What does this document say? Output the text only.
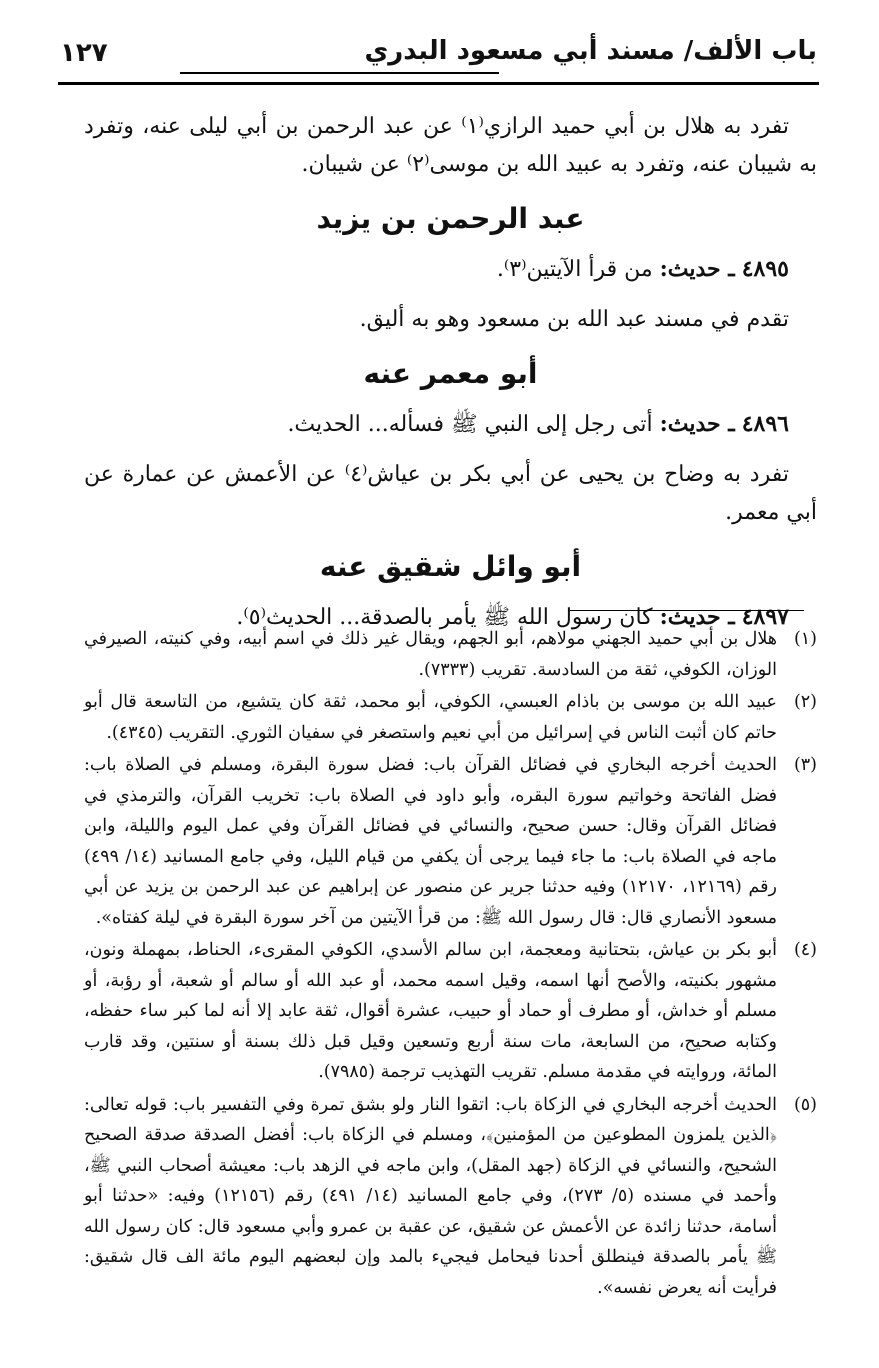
باب الألف/ مسند أبي مسعود البدري
١٢٧

تفرد به هلال بن أبي حميد الرازي⁽١⁾ عن عبد الرحمن بن أبي ليلى عنه، وتفرد به شيبان عنه، وتفرد به عبيد الله بن موسى⁽٢⁾ عن شيبان.

عبد الرحمن بن يزيد

٤٨٩٥ ـ حديث: من قرأ الآيتين⁽٣⁾.

تقدم في مسند عبد الله بن مسعود وهو به أليق.

أبو معمر عنه

٤٨٩٦ ـ حديث: أتى رجل إلى النبي ﷺ فسأله... الحديث.

تفرد به وضاح بن يحيى عن أبي بكر بن عياش⁽٤⁾ عن الأعمش عن عمارة عن أبي معمر.

أبو وائل شقيق عنه

٤٨٩٧ ـ حديث: كان رسول الله ﷺ يأمر بالصدقة... الحديث⁽٥⁾.

(١)
هلال بن أبي حميد الجهني مولاهم، أبو الجهم، ويقال غير ذلك في اسم أبيه، وفي كنيته، الصيرفي الوزان، الكوفي، ثقة من السادسة. تقريب (٧٣٣٣).
(٢)
عبيد الله بن موسى بن باذام العبسي، الكوفي، أبو محمد، ثقة كان يتشيع، من التاسعة قال أبو حاتم كان أثبت الناس في إسرائيل من أبي نعيم واستصغر في سفيان الثوري. التقريب (٤٣٤٥).
(٣)
الحديث أخرجه البخاري في فضائل القرآن باب: فضل سورة البقرة، ومسلم في الصلاة باب: فضل الفاتحة وخواتيم سورة البقره، وأبو داود في الصلاة باب: تخريب القرآن، والترمذي في فضائل القرآن وقال: حسن صحيح، والنسائي في فضائل القرآن وفي عمل اليوم والليلة، وابن ماجه في الصلاة باب: ما جاء فيما يرجى أن يكفي من قيام الليل، وفي جامع المسانيد (١٤/ ٤٩٩) رقم (١٢١٦٩، ١٢١٧٠) وفيه حدثنا جرير عن منصور عن إبراهيم عن عبد الرحمن بن يزيد عن أبي مسعود الأنصاري قال: قال رسول الله ﷺ: من قرأ الآيتين من آخر سورة البقرة في ليلة كفتاه».
(٤)
أبو بكر بن عياش، بتحتانية ومعجمة، ابن سالم الأسدي، الكوفي المقرىء، الحناط، بمهملة ونون، مشهور بكنيته، والأصح أنها اسمه، وقيل اسمه محمد، أو عبد الله أو سالم أو شعبة، أو رؤبة، أو مسلم أو خداش، أو مطرف أو حماد أو حبيب، عشرة أقوال، ثقة عابد إلا أنه لما كبر ساء حفظه، وكتابه صحيح، من السابعة، مات سنة أربع وتسعين وقيل قبل ذلك بسنة أو سنتين، وقد قارب المائة، وروايته في مقدمة مسلم. تقريب التهذيب ترجمة (٧٩٨٥).
(٥)
الحديث أخرجه البخاري في الزكاة باب: اتقوا النار ولو بشق تمرة وفي التفسير باب: قوله تعالى: ﴿الذين يلمزون المطوعين من المؤمنين﴾، ومسلم في الزكاة باب: أفضل الصدقة صدقة الصحيح الشحيح، والنسائي في الزكاة (جهد المقل)، وابن ماجه في الزهد باب: معيشة أصحاب النبي ﷺ، وأحمد في مسنده (٥/ ٢٧٣)، وفي جامع المسانيد (١٤/ ٤٩١) رقم (١٢١٥٦) وفيه: «حدثنا أبو أسامة، حدثنا زائدة عن الأعمش عن شقيق، عن عقبة بن عمرو وأبي مسعود قال: كان رسول الله ﷺ يأمر بالصدقة فينطلق أحدنا فيحامل فيجيء بالمد وإن لبعضهم اليوم مائة الف قال شقيق: فرأيت أنه يعرض نفسه».
